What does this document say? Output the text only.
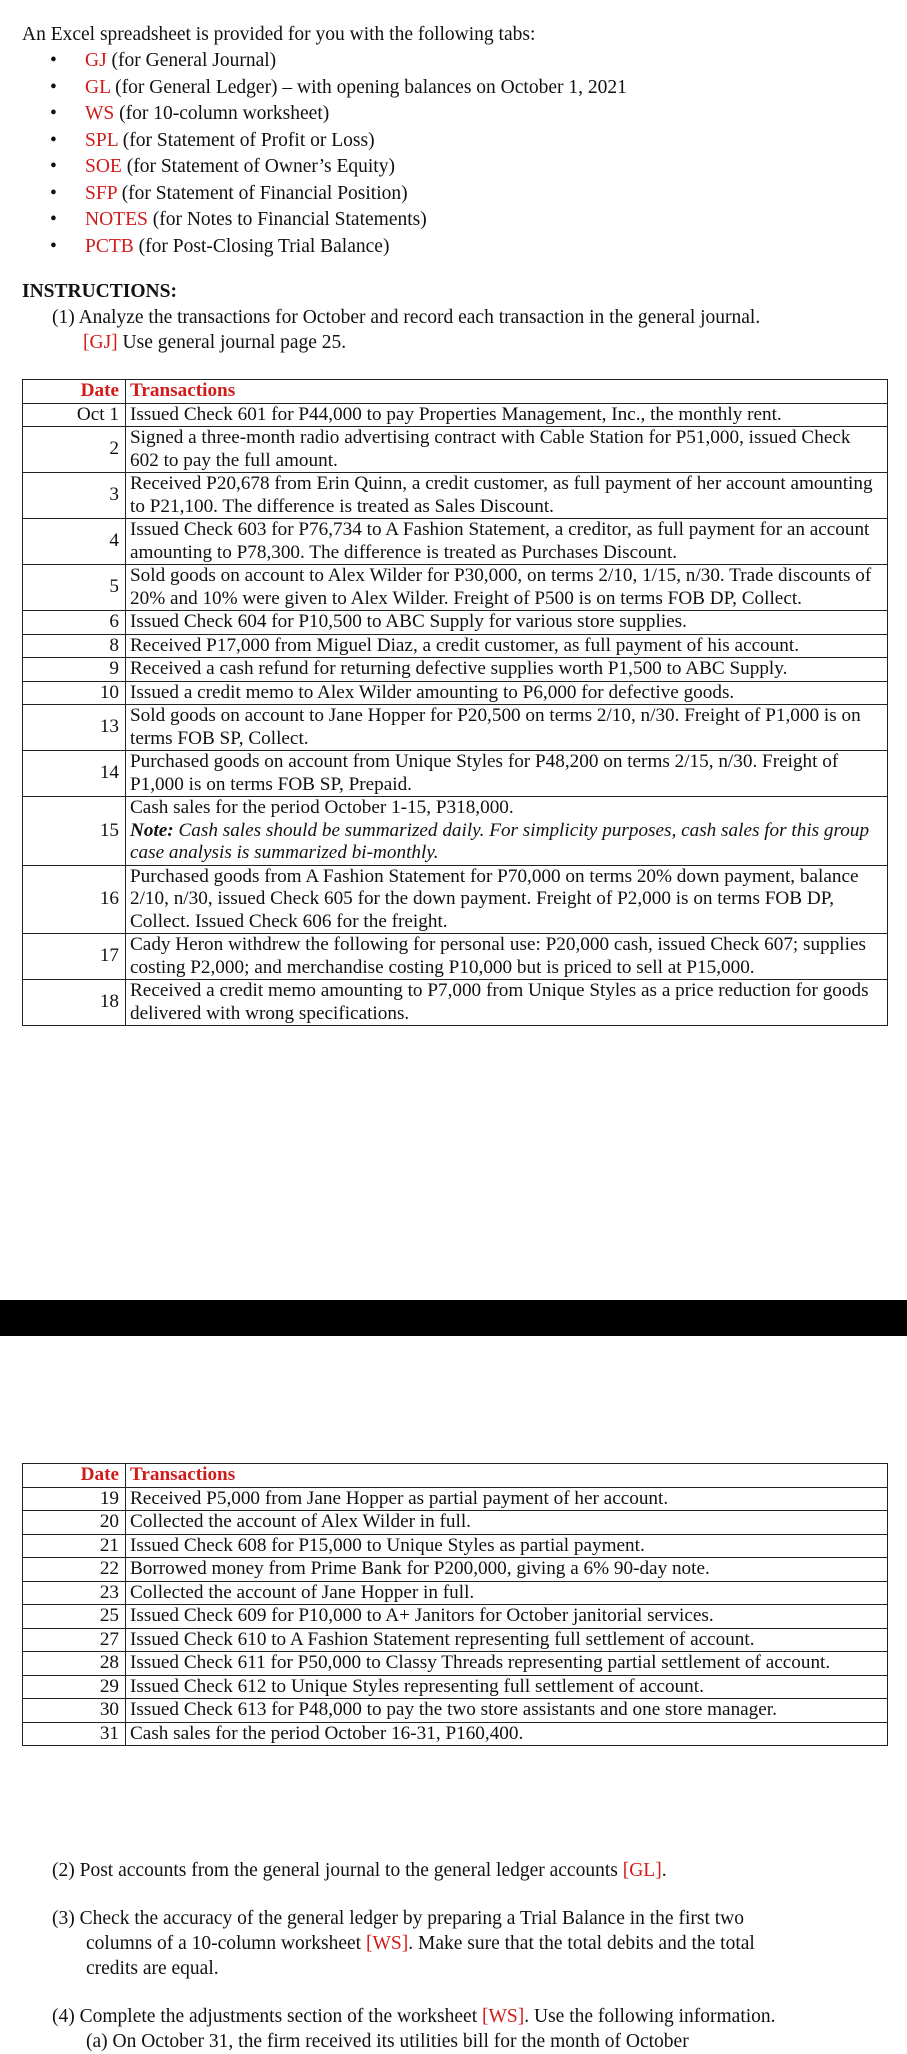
An Excel spreadsheet is provided for you with the following tabs:
• GJ (for General Journal)
• GL (for General Ledger) – with opening balances on October 1, 2021
• WS (for 10-column worksheet)
• SPL (for Statement of Profit or Loss)
• SOE (for Statement of Owner’s Equity)
• SFP (for Statement of Financial Position)
• NOTES (for Notes to Financial Statements)
• PCTB (for Post-Closing Trial Balance)
INSTRUCTIONS:
(1) Analyze the transactions for October and record each transaction in the general journal.
[GJ] Use general journal page 25.
Date	Transactions
Oct 1	Issued Check 601 for P44,000 to pay Properties Management, Inc., the monthly rent.
2	Signed a three-month radio advertising contract with Cable Station for P51,000, issued Check 602 to pay the full amount.
3	Received P20,678 from Erin Quinn, a credit customer, as full payment of her account amounting to P21,100. The difference is treated as Sales Discount.
4	Issued Check 603 for P76,734 to A Fashion Statement, a creditor, as full payment for an account amounting to P78,300. The difference is treated as Purchases Discount.
5	Sold goods on account to Alex Wilder for P30,000, on terms 2/10, 1/15, n/30. Trade discounts of 20% and 10% were given to Alex Wilder. Freight of P500 is on terms FOB DP, Collect.
6	Issued Check 604 for P10,500 to ABC Supply for various store supplies.
8	Received P17,000 from Miguel Diaz, a credit customer, as full payment of his account.
9	Received a cash refund for returning defective supplies worth P1,500 to ABC Supply.
10	Issued a credit memo to Alex Wilder amounting to P6,000 for defective goods.
13	Sold goods on account to Jane Hopper for P20,500 on terms 2/10, n/30. Freight of P1,000 is on terms FOB SP, Collect.
14	Purchased goods on account from Unique Styles for P48,200 on terms 2/15, n/30. Freight of P1,000 is on terms FOB SP, Prepaid.
15	Cash sales for the period October 1-15, P318,000.
Note: Cash sales should be summarized daily. For simplicity purposes, cash sales for this group case analysis is summarized bi-monthly.
16	Purchased goods from A Fashion Statement for P70,000 on terms 20% down payment, balance 2/10, n/30, issued Check 605 for the down payment. Freight of P2,000 is on terms FOB DP, Collect. Issued Check 606 for the freight.
17	Cady Heron withdrew the following for personal use: P20,000 cash, issued Check 607; supplies costing P2,000; and merchandise costing P10,000 but is priced to sell at P15,000.
18	Received a credit memo amounting to P7,000 from Unique Styles as a price reduction for goods delivered with wrong specifications.
Date	Transactions
19	Received P5,000 from Jane Hopper as partial payment of her account.
20	Collected the account of Alex Wilder in full.
21	Issued Check 608 for P15,000 to Unique Styles as partial payment.
22	Borrowed money from Prime Bank for P200,000, giving a 6% 90-day note.
23	Collected the account of Jane Hopper in full.
25	Issued Check 609 for P10,000 to A+ Janitors for October janitorial services.
27	Issued Check 610 to A Fashion Statement representing full settlement of account.
28	Issued Check 611 for P50,000 to Classy Threads representing partial settlement of account.
29	Issued Check 612 to Unique Styles representing full settlement of account.
30	Issued Check 613 for P48,000 to pay the two store assistants and one store manager.
31	Cash sales for the period October 16-31, P160,400.
(2) Post accounts from the general journal to the general ledger accounts [GL].
(3) Check the accuracy of the general ledger by preparing a Trial Balance in the first two
columns of a 10-column worksheet [WS]. Make sure that the total debits and the total
credits are equal.
(4) Complete the adjustments section of the worksheet [WS]. Use the following information.
(a) On October 31, the firm received its utilities bill for the month of October
